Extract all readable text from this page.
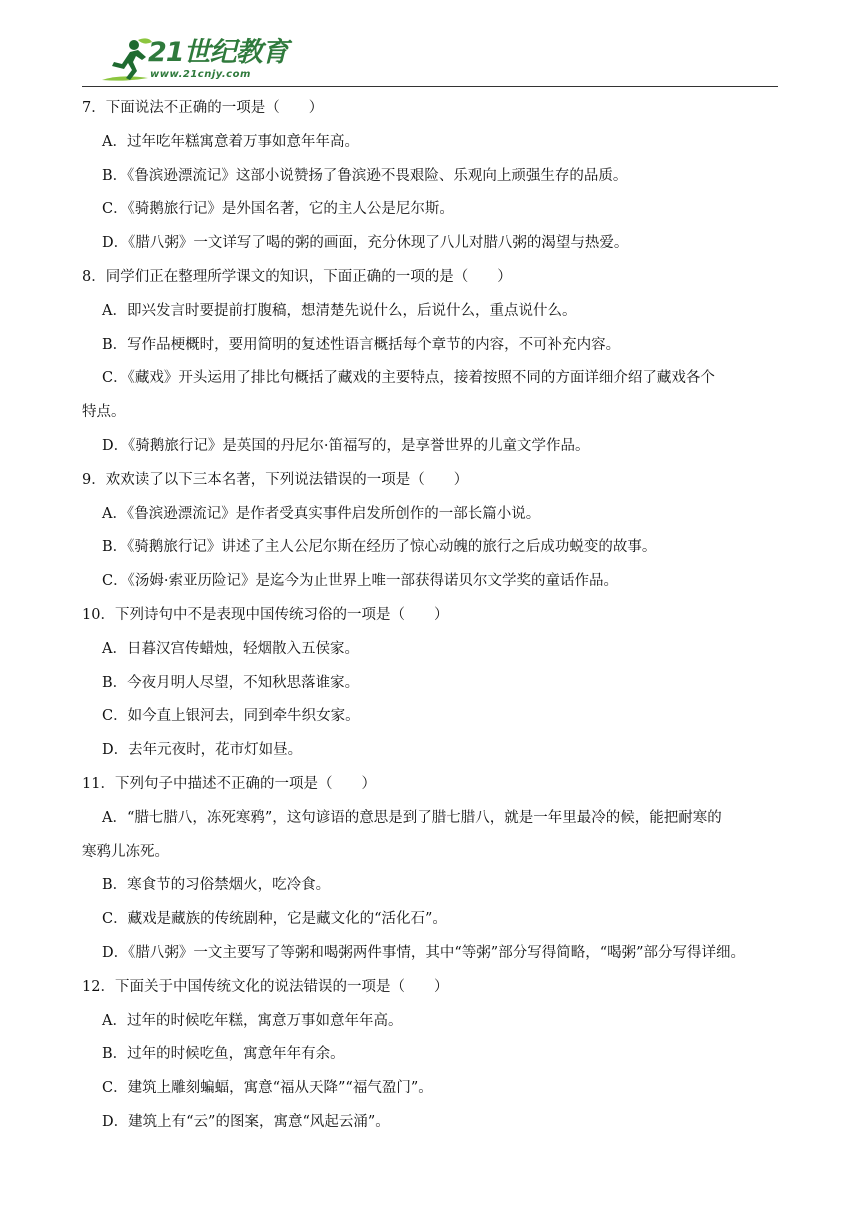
21世纪教育
www.21cnjy.com
7．下面说法不正确的一项是（　　）
A．过年吃年糕寓意着万事如意年年高。
B．《鲁滨逊漂流记》这部小说赞扬了鲁滨逊不畏艰险、乐观向上顽强生存的品质。
C．《骑鹅旅行记》是外国名著，它的主人公是尼尔斯。
D．《腊八粥》一文详写了喝的粥的画面，充分休现了八儿对腊八粥的渴望与热爱。
8．同学们正在整理所学课文的知识，下面正确的一项的是（　　）
A．即兴发言时要提前打腹稿，想清楚先说什么，后说什么，重点说什么。
B．写作品梗概时，要用简明的复述性语言概括每个章节的内容，不可补充内容。
C．《藏戏》开头运用了排比句概括了藏戏的主要特点，接着按照不同的方面详细介绍了藏戏各个
特点。
D．《骑鹅旅行记》是英国的丹尼尔·笛福写的，是享誉世界的儿童文学作品。
9．欢欢读了以下三本名著，下列说法错误的一项是（　　）
A．《鲁滨逊漂流记》是作者受真实事件启发所创作的一部长篇小说。
B．《骑鹅旅行记》讲述了主人公尼尔斯在经历了惊心动魄的旅行之后成功蜕变的故事。
C．《汤姆·索亚历险记》是迄今为止世界上唯一部获得诺贝尔文学奖的童话作品。
10．下列诗句中不是表现中国传统习俗的一项是（　　）
A．日暮汉宫传蜡烛，轻烟散入五侯家。
B．今夜月明人尽望，不知秋思落谁家。
C．如今直上银河去，同到牵牛织女家。
D．去年元夜时，花市灯如昼。
11．下列句子中描述不正确的一项是（　　）
A．“腊七腊八，冻死寒鸦”，这句谚语的意思是到了腊七腊八，就是一年里最冷的候，能把耐寒的
寒鸦儿冻死。
B．寒食节的习俗禁烟火，吃冷食。
C．藏戏是藏族的传统剧种，它是藏文化的“活化石”。
D．《腊八粥》一文主要写了等粥和喝粥两件事情，其中“等粥”部分写得简略，“喝粥”部分写得详细。
12．下面关于中国传统文化的说法错误的一项是（　　）
A．过年的时候吃年糕，寓意万事如意年年高。
B．过年的时候吃鱼，寓意年年有余。
C．建筑上雕刻蝙蝠，寓意“福从天降”“福气盈门”。
D．建筑上有“云”的图案，寓意“风起云涌”。
